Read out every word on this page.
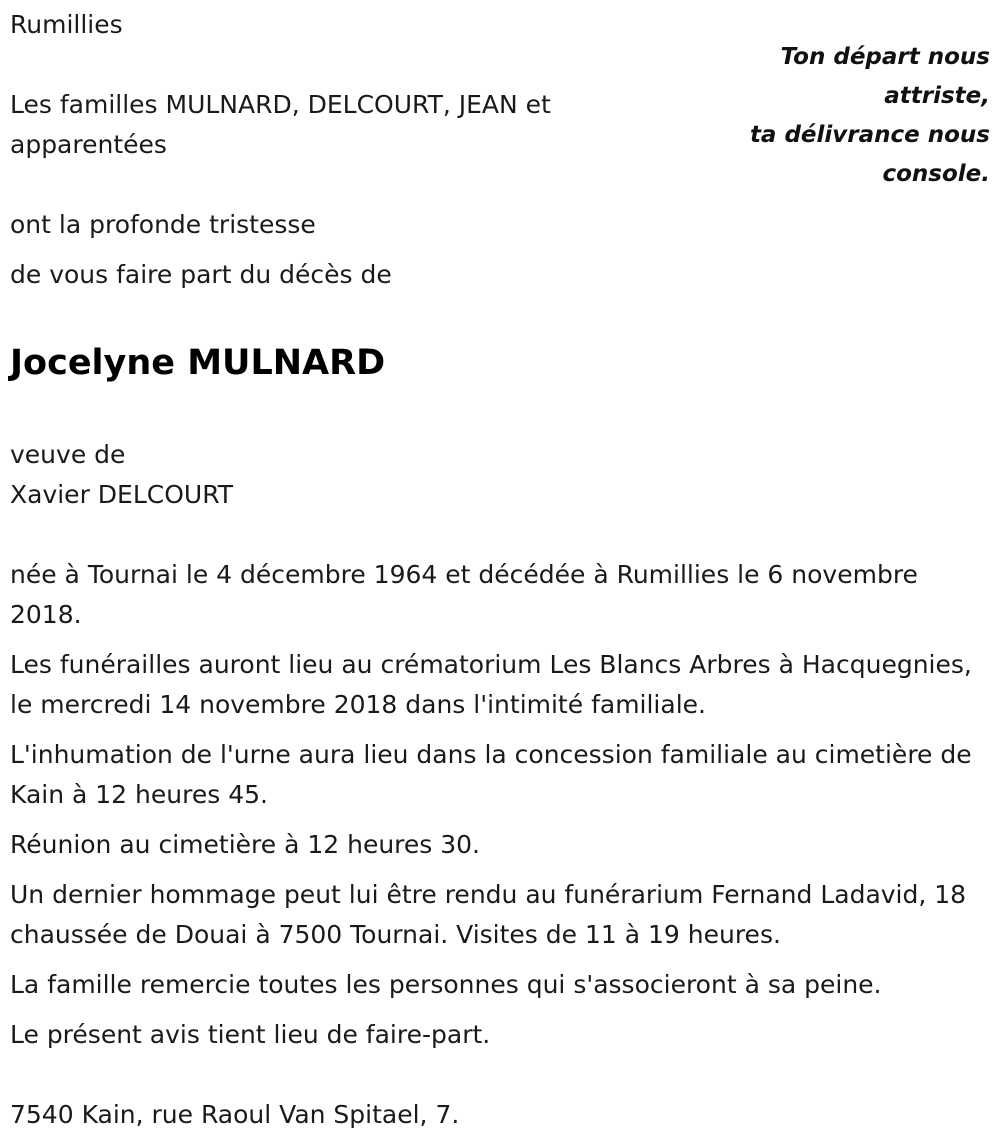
Ton départ nous
attriste,
ta délivrance nous
console.
Rumillies
Les familles MULNARD, DELCOURT, JEAN et apparentées
ont la profonde tristesse
de vous faire part du décès de
Jocelyne MULNARD
veuve de
Xavier DELCOURT
née à Tournai le 4 décembre 1964 et décédée à Rumillies le 6 novembre 2018.
Les funérailles auront lieu au crématorium Les Blancs Arbres à Hacquegnies, le mercredi 14 novembre 2018 dans l'intimité familiale.
L'inhumation de l'urne aura lieu dans la concession familiale au cimetière de Kain à 12 heures 45.
Réunion au cimetière à 12 heures 30.
Un dernier hommage peut lui être rendu au funérarium Fernand Ladavid, 18 chaussée de Douai à 7500 Tournai. Visites de 11 à 19 heures.
La famille remercie toutes les personnes qui s'associeront à sa peine.
Le présent avis tient lieu de faire-part.
7540 Kain, rue Raoul Van Spitael, 7.
